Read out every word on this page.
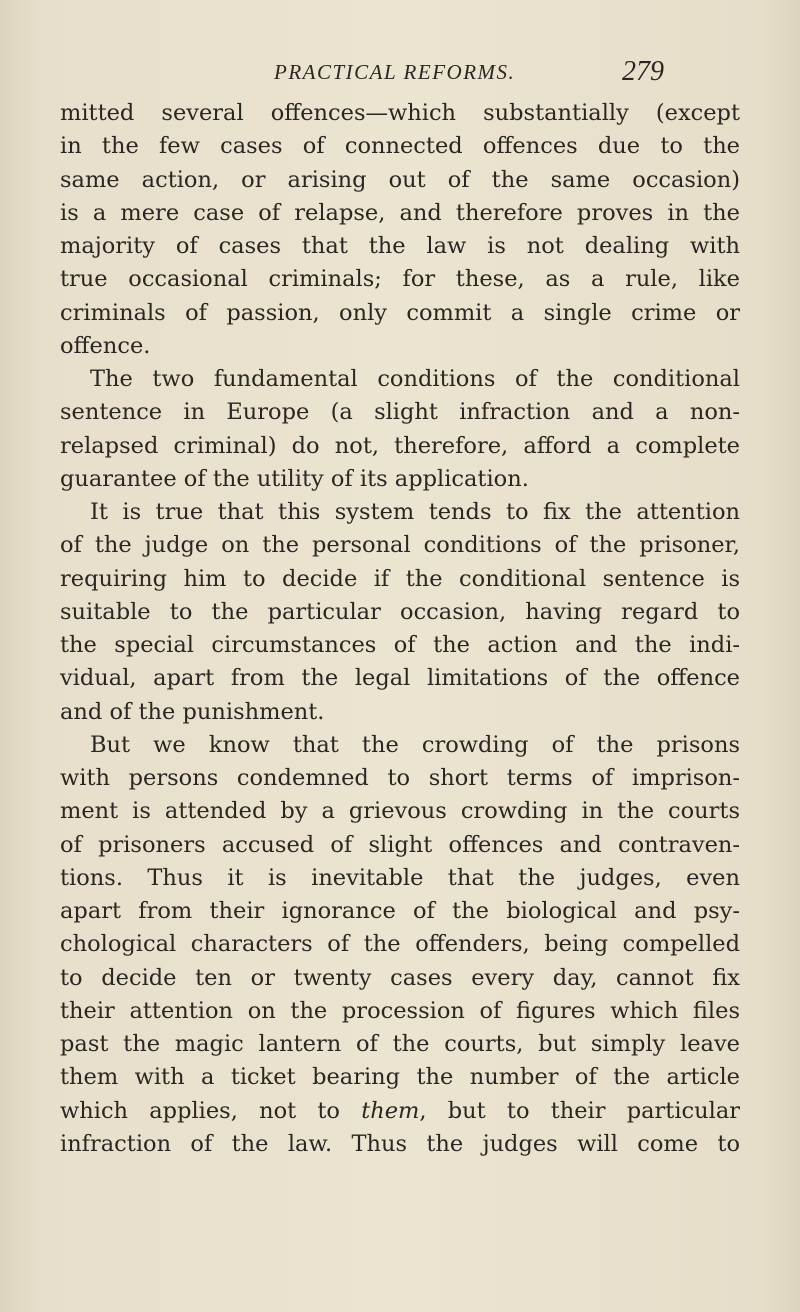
PRACTICAL REFORMS.	279
mitted several offences—which substantially (except
in the few cases of connected offences due to the
same action, or arising out of the same occasion)
is a mere case of relapse, and therefore proves in the
majority of cases that the law is not dealing with
true occasional criminals; for these, as a rule, like
criminals of passion, only commit a single crime or
offence.
The two fundamental conditions of the conditional
sentence in Europe (a slight infraction and a non-
relapsed criminal) do not, therefore, afford a complete
guarantee of the utility of its application.
It is true that this system tends to fix the attention
of the judge on the personal conditions of the prisoner,
requiring him to decide if the conditional sentence is
suitable to the particular occasion, having regard to
the special circumstances of the action and the indi-
vidual, apart from the legal limitations of the offence
and of the punishment.
But we know that the crowding of the prisons
with persons condemned to short terms of imprison-
ment is attended by a grievous crowding in the courts
of prisoners accused of slight offences and contraven-
tions. Thus it is inevitable that the judges, even
apart from their ignorance of the biological and psy-
chological characters of the offenders, being compelled
to decide ten or twenty cases every day, cannot fix
their attention on the procession of figures which files
past the magic lantern of the courts, but simply leave
them with a ticket bearing the number of the article
which applies, not to them, but to their particular
infraction of the law. Thus the judges will come to
